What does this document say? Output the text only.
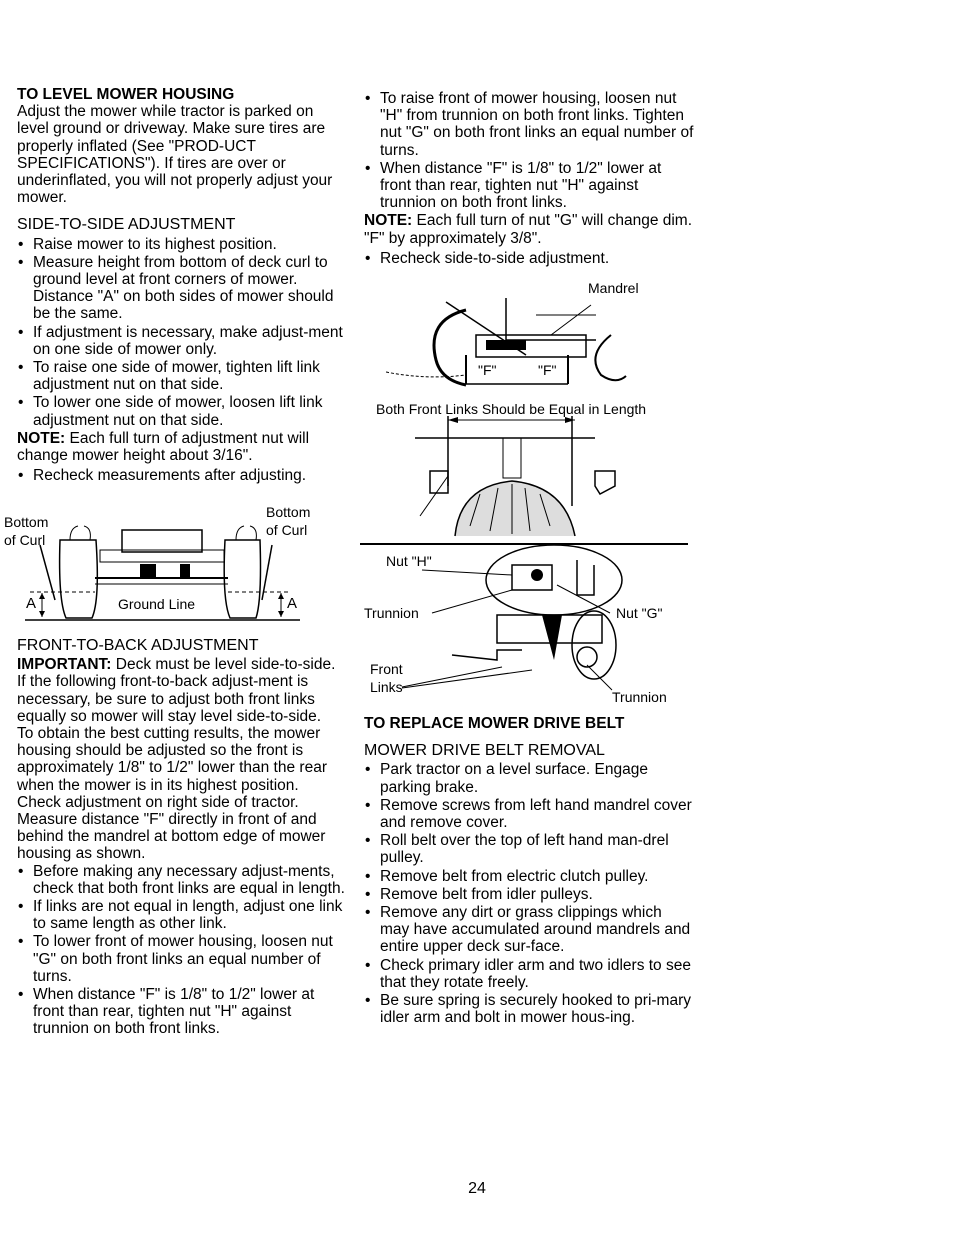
TO LEVEL MOWER HOUSING

Adjust the mower while tractor is parked on level ground or driveway. Make sure tires are properly inflated (See "PROD-UCT SPECIFICATIONS"). If tires are over or underinflated, you will not properly adjust your mower.

SIDE-TO-SIDE ADJUSTMENT

• Raise mower to its highest position.
• Measure height from bottom of deck curl to ground level at front corners of mower. Distance "A" on both sides of mower should be the same.
• If adjustment is necessary, make adjust-ment on one side of mower only.
• To raise one side of mower, tighten lift link adjustment nut on that side.
• To lower one side of mower, loosen lift link adjustment nut on that side.

NOTE: Each full turn of adjustment nut will change mower height about 3/16".

• Recheck measurements after adjusting.
Bottom
of Curl
Bottom
of Curl
A	A
Ground Line

FRONT-TO-BACK ADJUSTMENT

IMPORTANT: Deck must be level side-to-side. If the following front-to-back adjust-ment is necessary, be sure to adjust both front links equally so mower will stay level side-to-side.

To obtain the best cutting results, the mower housing should be adjusted so the front is approximately 1/8" to 1/2" lower than the rear when the mower is in its highest position.

Check adjustment on right side of tractor. Measure distance "F" directly in front of and behind the mandrel at bottom edge of mower housing as shown.

• Before making any necessary adjust-ments, check that both front links are equal in length.
• If links are not equal in length, adjust one link to same length as other link.
• To lower front of mower housing, loosen nut "G" on both front links an equal number of turns.
• When distance "F" is 1/8" to 1/2" lower at front than rear, tighten nut "H" against trunnion on both front links.
• To raise front of mower housing, loosen nut "H" from trunnion on both front links. Tighten nut "G" on both front links an equal number of turns.
• When distance "F" is 1/8" to 1/2" lower at front than rear, tighten nut "H" against trunnion on both front links.

NOTE: Each full turn of nut "G" will change dim. "F" by approximately 3/8".

• Recheck side-to-side adjustment.
Mandrel
"F"	"F"
Both Front Links Should be Equal in Length
Nut "H"
Trunnion	Nut "G"
Front
Links
Trunnion

TO REPLACE MOWER DRIVE BELT

MOWER DRIVE BELT REMOVAL

• Park tractor on a level surface. Engage parking brake.
• Remove screws from left hand mandrel cover and remove cover.
• Roll belt over the top of left hand man-drel pulley.
• Remove belt from electric clutch pulley.
• Remove belt from idler pulleys.
• Remove any dirt or grass clippings which may have accumulated around mandrels and entire upper deck sur-face.
• Check primary idler arm and two idlers to see that they rotate freely.
• Be sure spring is securely hooked to pri-mary idler arm and bolt in mower hous-ing.
24
